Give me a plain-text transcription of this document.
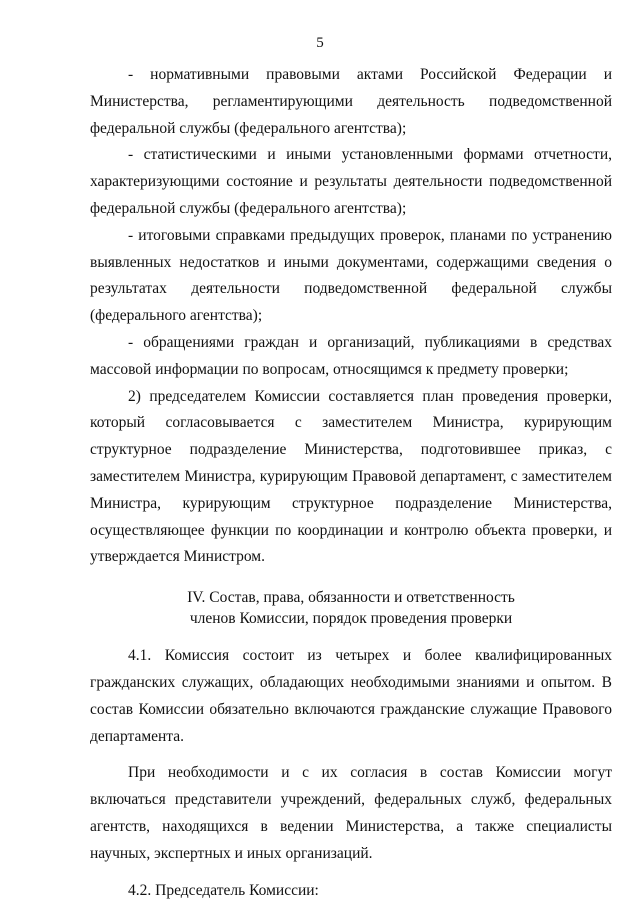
5

- нормативными правовыми актами Российской Федерации и Министерства, регламентирующими деятельность подведомственной федеральной службы (федерального агентства);

- статистическими и иными установленными формами отчетности, характеризующими состояние и результаты деятельности подведомственной федеральной службы (федерального агентства);

- итоговыми справками предыдущих проверок, планами по устранению выявленных недостатков и иными документами, содержащими сведения о результатах деятельности подведомственной федеральной службы (федерального агентства);

- обращениями граждан и организаций, публикациями в средствах массовой информации по вопросам, относящимся к предмету проверки;

2) председателем Комиссии составляется план проведения проверки, который согласовывается с заместителем Министра, курирующим структурное подразделение Министерства, подготовившее приказ, с заместителем Министра, курирующим Правовой департамент, с заместителем Министра, курирующим структурное подразделение Министерства, осуществляющее функции по координации и контролю объекта проверки, и утверждается Министром.

IV. Состав, права, обязанности и ответственность
членов Комиссии, порядок проведения проверки

4.1. Комиссия состоит из четырех и более квалифицированных гражданских служащих, обладающих необходимыми знаниями и опытом. В состав Комиссии обязательно включаются гражданские служащие Правового департамента.

При необходимости и с их согласия в состав Комиссии могут включаться представители учреждений, федеральных служб, федеральных агентств, находящихся в ведении Министерства, а также специалисты научных, экспертных и иных организаций.

4.2. Председатель Комиссии:
